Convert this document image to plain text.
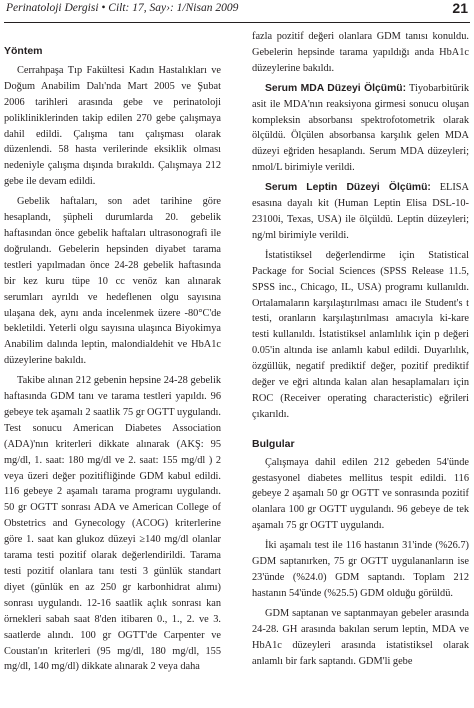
Perinatoloji Dergisi • Cilt: 17, Say›: 1/Nisan 2009	21
Yöntem

Cerrahpaşa Tıp Fakültesi Kadın Hastalıkları ve Doğum Anabilim Dalı'nda Mart 2005 ve Şubat 2006 tarihleri arasında gebe ve perinatoloji polikliniklerinden takip edilen 270 gebe çalışmaya dahil edildi. Çalışma tanı çalışması olarak düzenlendi. 58 hasta verilerinde eksiklik olması nedeniyle çalışma dışında bırakıldı. Çalışmaya 212 gebe ile devam edildi.

Gebelik haftaları, son adet tarihine göre hesaplandı, şüpheli durumlarda 20. gebelik haftasından önce gebelik haftaları ultrasonografi ile doğrulandı. Gebelerin hepsinden diyabet tarama testleri yapılmadan önce 24-28 gebelik haftasında bir kez kuru tüpe 10 cc venöz kan alınarak serumları ayrıldı ve hedeflenen olgu sayısına ulaşana dek, aynı anda incelenmek üzere -80°C'de bekletildi. Yeterli olgu sayısına ulaşınca Biyokimya Anabilim dalında leptin, malondialdehit ve HbA1c düzeylerine bakıldı.

Takibe alınan 212 gebenin hepsine 24-28 gebelik haftasında GDM tanı ve tarama testleri yapıldı. 96 gebeye tek aşamalı 2 saatlik 75 gr OGTT uygulandı. Test sonucu American Diabetes Association (ADA)'nın kriterleri dikkate alınarak (AKŞ: 95 mg/dl, 1. saat: 180 mg/dl ve 2. saat: 155 mg/dl ) 2 veya üzeri değer pozitifliğinde GDM kabul edildi. 116 gebeye 2 aşamalı tarama programı uygulandı. 50 gr OGTT sonrası ADA ve American College of Obstetrics and Gynecology (ACOG) kriterlerine göre 1. saat kan glukoz düzeyi ≥140 mg/dl olanlar tarama testi pozitif olarak değerlendirildi. Tarama testi pozitif olanlara tanı testi 3 günlük standart diyet (günlük en az 250 gr karbonhidrat alımı) sonrası uygulandı. 12-16 saatlik açlık sonrası kan örnekleri sabah saat 8'den itibaren 0., 1., 2. ve 3. saatlerde alındı. 100 gr OGTT'de Carpenter ve Coustan'ın kriterleri (95 mg/dl, 180 mg/dl, 155 mg/dl, 140 mg/dl) dikkate alınarak 2 veya daha

fazla pozitif değeri olanlara GDM tanısı konuldu. Gebelerin hepsinde tarama yapıldığı anda HbA1c düzeylerine bakıldı.

Serum MDA Düzeyi Ölçümü: Tiyobarbitürik asit ile MDA'nın reaksiyona girmesi sonucu oluşan kompleksin absorbansı spektrofotometrik olarak ölçüldü. Ölçülen absorbansa karşılık gelen MDA düzeyi eğriden hesaplandı. Serum MDA düzeyleri; nmol/L birimiyle verildi.

Serum Leptin Düzeyi Ölçümü: ELISA esasına dayalı kit (Human Leptin Elisa DSL-10-23100i, Texas, USA) ile ölçüldü. Leptin düzeyleri; ng/ml birimiyle verildi.

İstatistiksel değerlendirme için Statistical Package for Social Sciences (SPSS Release 11.5, SPSS inc., Chicago, IL, USA) programı kullanıldı. Ortalamaların karşılaştırılması amacı ile Student's t testi, oranların karşılaştırılması amacıyla ki-kare testi kullanıldı. İstatistiksel anlamlılık için p değeri 0.05'in altında ise anlamlı kabul edildi. Duyarlılık, özgüllük, negatif prediktif değer, pozitif prediktif değer ve eğri altında kalan alan hesaplamaları için ROC (Receiver operating characteristic) eğrileri çıkarıldı.

Bulgular

Çalışmaya dahil edilen 212 gebeden 54'ünde gestasyonel diabetes mellitus tespit edildi. 116 gebeye 2 aşamalı 50 gr OGTT ve sonrasında pozitif olanlara 100 gr OGTT uygulandı. 96 gebeye de tek aşamalı 75 gr OGTT uygulandı.

İki aşamalı test ile 116 hastanın 31'inde (%26.7) GDM saptanırken, 75 gr OGTT uygulananların ise 23'ünde (%24.0) GDM saptandı. Toplam 212 hastanın 54'ünde (%25.5) GDM olduğu görüldü.

GDM saptanan ve saptanmayan gebeler arasında 24-28. GH arasında bakılan serum leptin, MDA ve HbA1c düzeyleri arasında istatistiksel olarak anlamlı bir fark saptandı. GDM'li gebe
